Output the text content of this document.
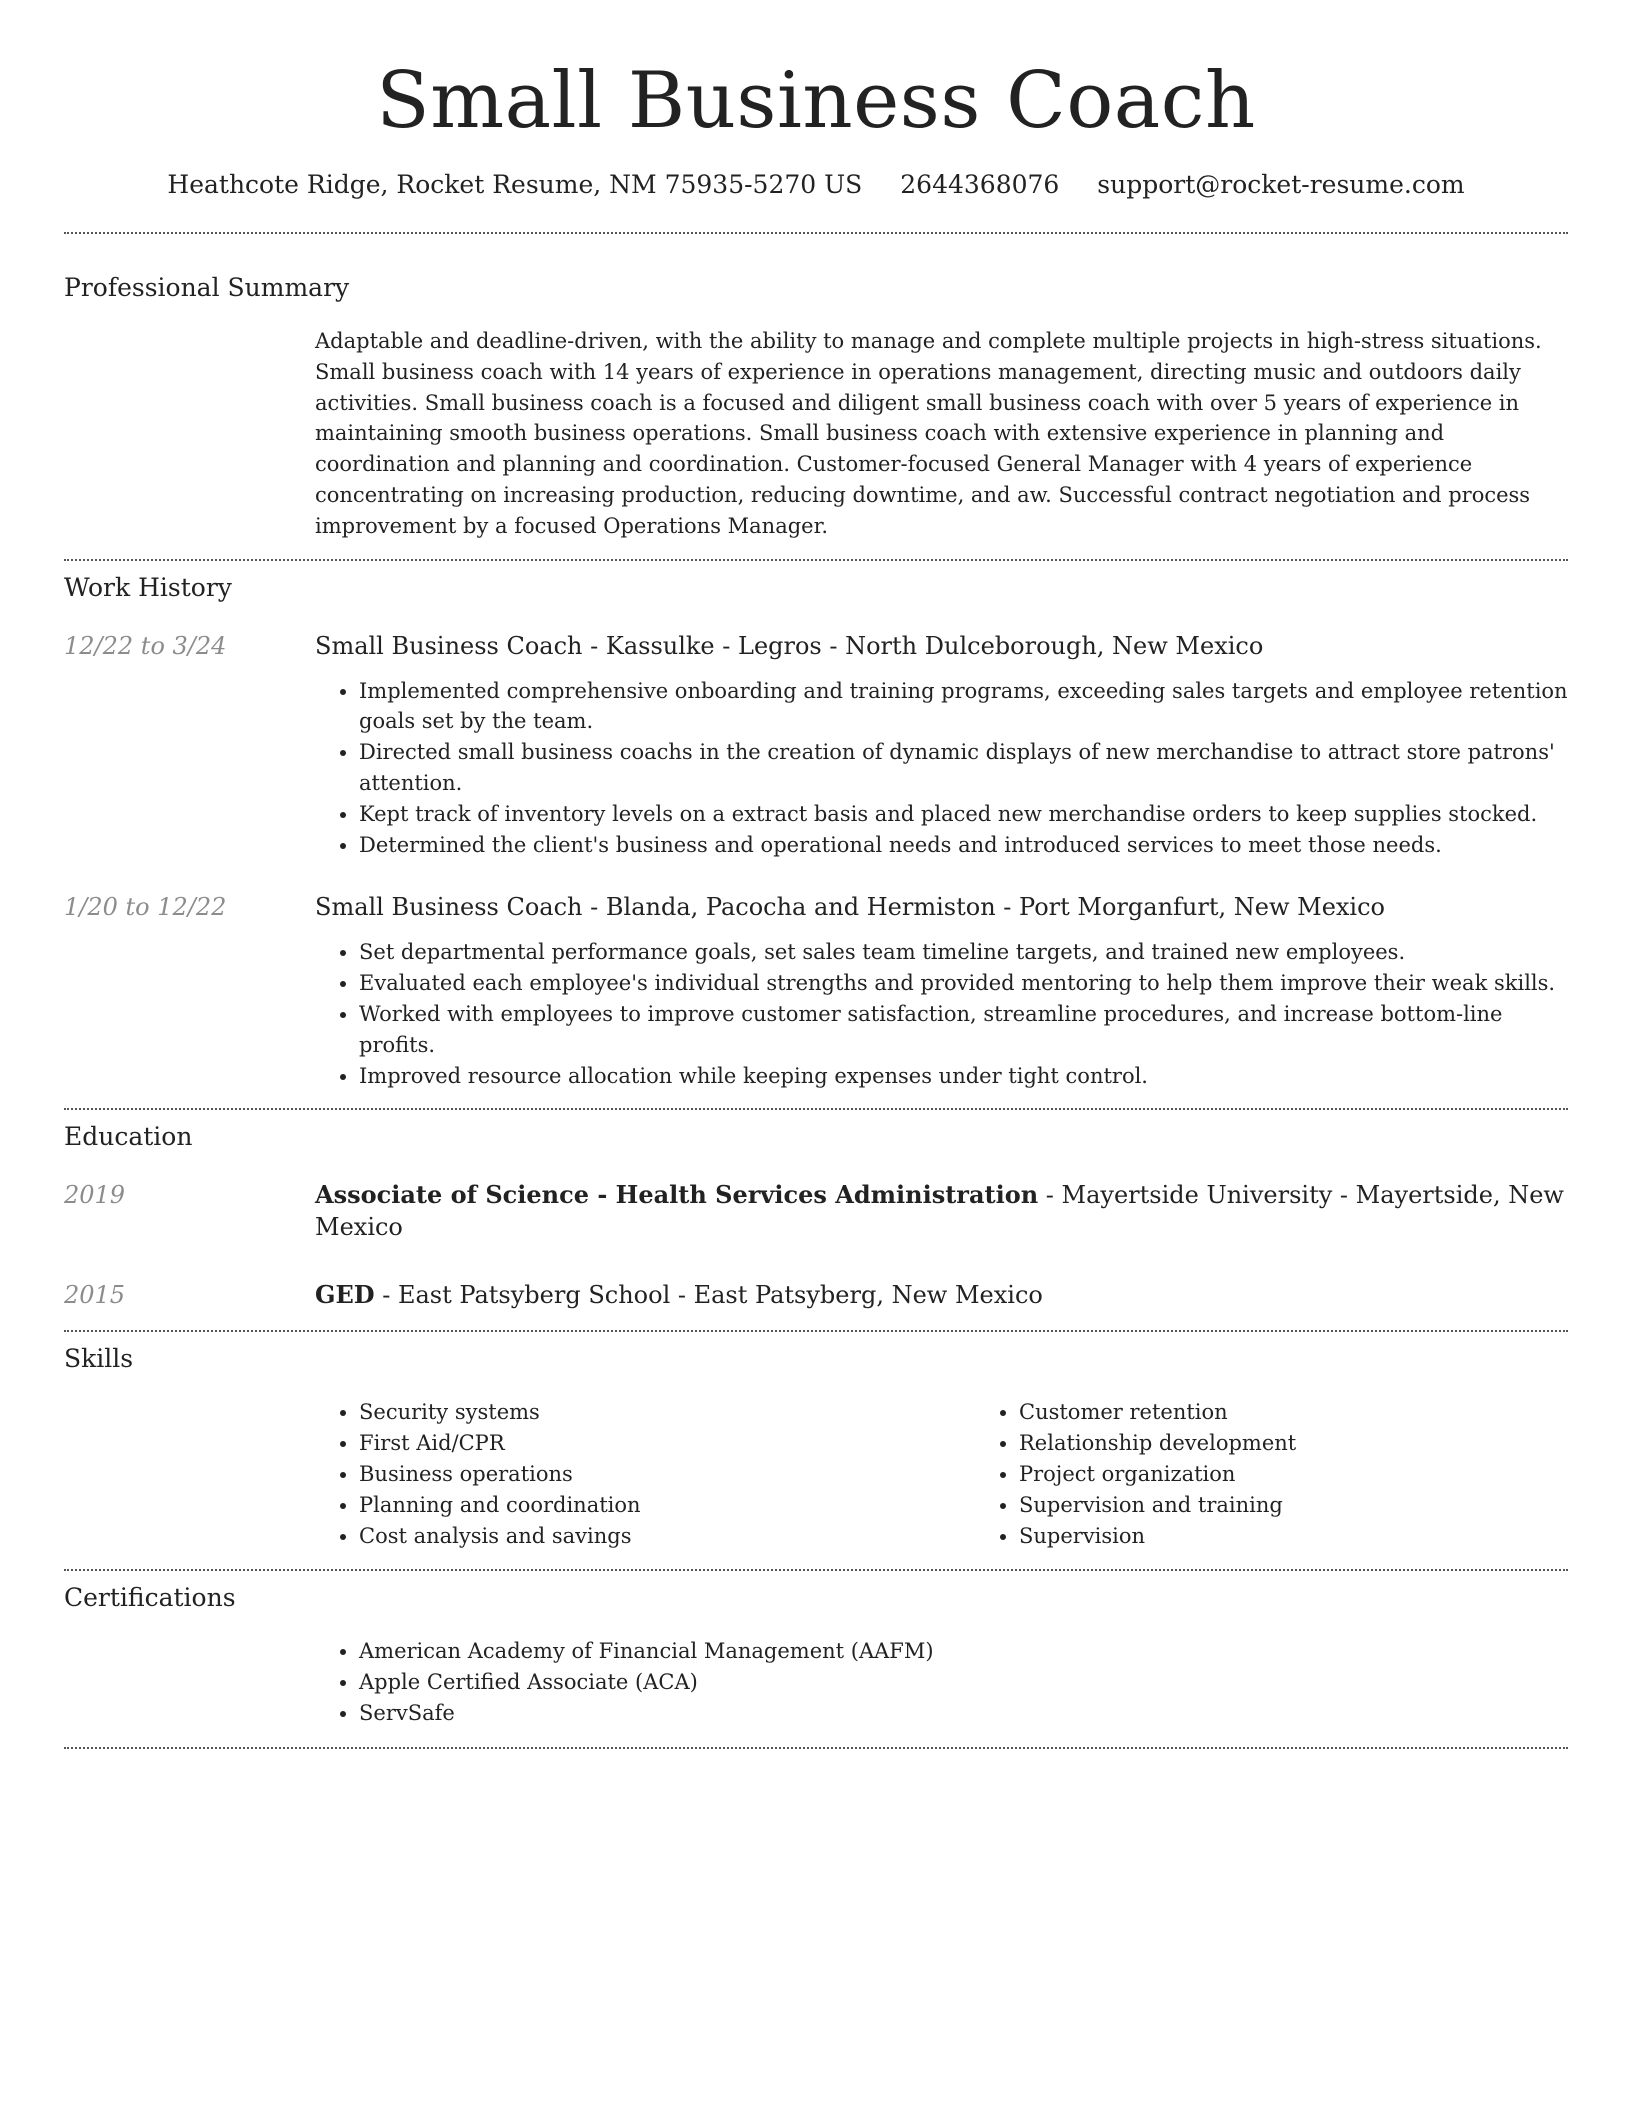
Small Business Coach
Heathcote Ridge, Rocket Resume, NM 75935-5270 US 2644368076 support@rocket-resume.com
Professional Summary

Adaptable and deadline-driven, with the ability to manage and complete multiple projects in high-stress situations. Small business coach with 14 years of experience in operations management, directing music and outdoors daily activities. Small business coach is a focused and diligent small business coach with over 5 years of experience in maintaining smooth business operations. Small business coach with extensive experience in planning and coordination and planning and coordination. Customer-focused General Manager with 4 years of experience concentrating on increasing production, reducing downtime, and aw. Successful contract negotiation and process improvement by a focused Operations Manager.

Work History
12/22 to 3/24	Small Business Coach - Kassulke - Legros - North Dulceborough, New Mexico
• Implemented comprehensive onboarding and training programs, exceeding sales targets and employee retention goals set by the team.
• Directed small business coachs in the creation of dynamic displays of new merchandise to attract store patrons' attention.
• Kept track of inventory levels on a extract basis and placed new merchandise orders to keep supplies stocked.
• Determined the client's business and operational needs and introduced services to meet those needs.
1/20 to 12/22	Small Business Coach - Blanda, Pacocha and Hermiston - Port Morganfurt, New Mexico
• Set departmental performance goals, set sales team timeline targets, and trained new employees.
• Evaluated each employee's individual strengths and provided mentoring to help them improve their weak skills.
• Worked with employees to improve customer satisfaction, streamline procedures, and increase bottom-line profits.
• Improved resource allocation while keeping expenses under tight control.
Education
2019	Associate of Science - Health Services Administration - Mayertside University - Mayertside, New Mexico
2015	GED - East Patsyberg School - East Patsyberg, New Mexico
Skills
• Security systems
• First Aid/CPR
• Business operations
• Planning and coordination
• Cost analysis and savings
• Customer retention
• Relationship development
• Project organization
• Supervision and training
• Supervision
Certifications
• American Academy of Financial Management (AAFM)
• Apple Certified Associate (ACA)
• ServSafe
